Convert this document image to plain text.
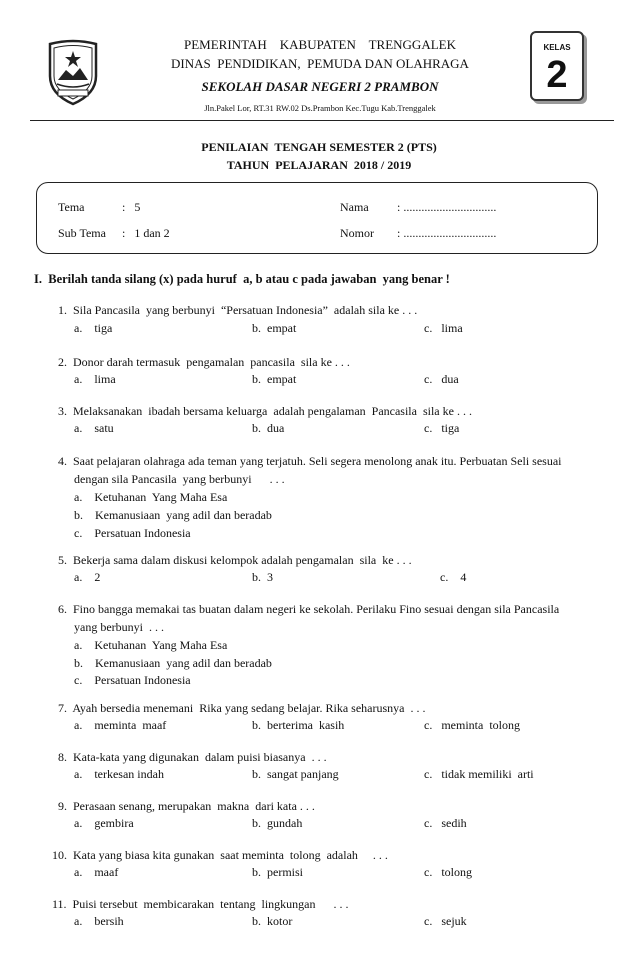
PEMERINTAH    KABUPATEN    TRENGGALEK
DINAS  PENDIDIKAN,  PEMUDA DAN OLAHRAGA
SEKOLAH DASAR NEGERI 2 PRAMBON
Jln.Pakel Lor, RT.31 RW.02 Ds.Prambon Kec.Tugu Kab.Trenggalek
KELAS
2
PENILAIAN  TENGAH SEMESTER 2 (PTS)
TAHUN  PELAJARAN  2018 / 2019
Tema	:   5
Sub Tema :   1 dan 2
Nama : ...............................
Nomor : ...............................
I.  Berilah tanda silang (x) pada huruf  a, b atau c pada jawaban  yang benar !
1.  Sila Pancasila  yang berbunyi  “Persatuan Indonesia”  adalah sila ke . . .
a.    tiga	b.  empat	c.   lima
2.  Donor darah termasuk  pengamalan  pancasila  sila ke . . .
a.    lima	b.  empat	c.   dua
3.  Melaksanakan  ibadah bersama keluarga  adalah pengalaman  Pancasila  sila ke . . .
a.    satu	b.  dua	c.   tiga
4.  Saat pelajaran olahraga ada teman yang terjatuh. Seli segera menolong anak itu. Perbuatan Seli sesuai
dengan sila Pancasila  yang berbunyi      . . .
a.    Ketuhanan  Yang Maha Esa
b.    Kemanusiaan  yang adil dan beradab
c.    Persatuan Indonesia
5.  Bekerja sama dalam diskusi kelompok adalah pengamalan  sila  ke . . .
a.    2	b.  3	c.    4
6.  Fino bangga memakai tas buatan dalam negeri ke sekolah. Perilaku Fino sesuai dengan sila Pancasila
yang berbunyi  . . .
a.    Ketuhanan  Yang Maha Esa
b.    Kemanusiaan  yang adil dan beradab
c.    Persatuan Indonesia
7.  Ayah bersedia menemani  Rika yang sedang belajar. Rika seharusnya  . . .
a.    meminta  maaf	b.  berterima  kasih	c.   meminta  tolong
8.  Kata-kata yang digunakan  dalam puisi biasanya  . . .
a.    terkesan indah	b.  sangat panjang	c.   tidak memiliki  arti
9.  Perasaan senang, merupakan  makna  dari kata . . .
a.    gembira	b.  gundah	c.   sedih
10.  Kata yang biasa kita gunakan  saat meminta  tolong  adalah     . . .
a.    maaf	b.  permisi	c.   tolong
11.  Puisi tersebut  membicarakan  tentang  lingkungan      . . .
a.    bersih	b.  kotor	c.   sejuk
